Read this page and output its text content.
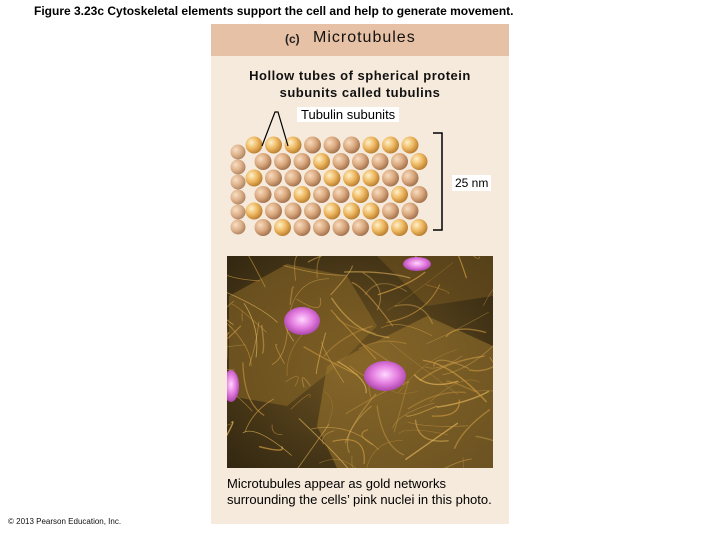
Figure 3.23c Cytoskeletal elements support the cell and help to generate movement.
(c) Microtubules
Hollow tubes of spherical protein
subunits called tubulins
Tubulin subunits
25 nm
Microtubules appear as gold networks surrounding the cells’ pink nuclei in this photo.
© 2013 Pearson Education, Inc.
